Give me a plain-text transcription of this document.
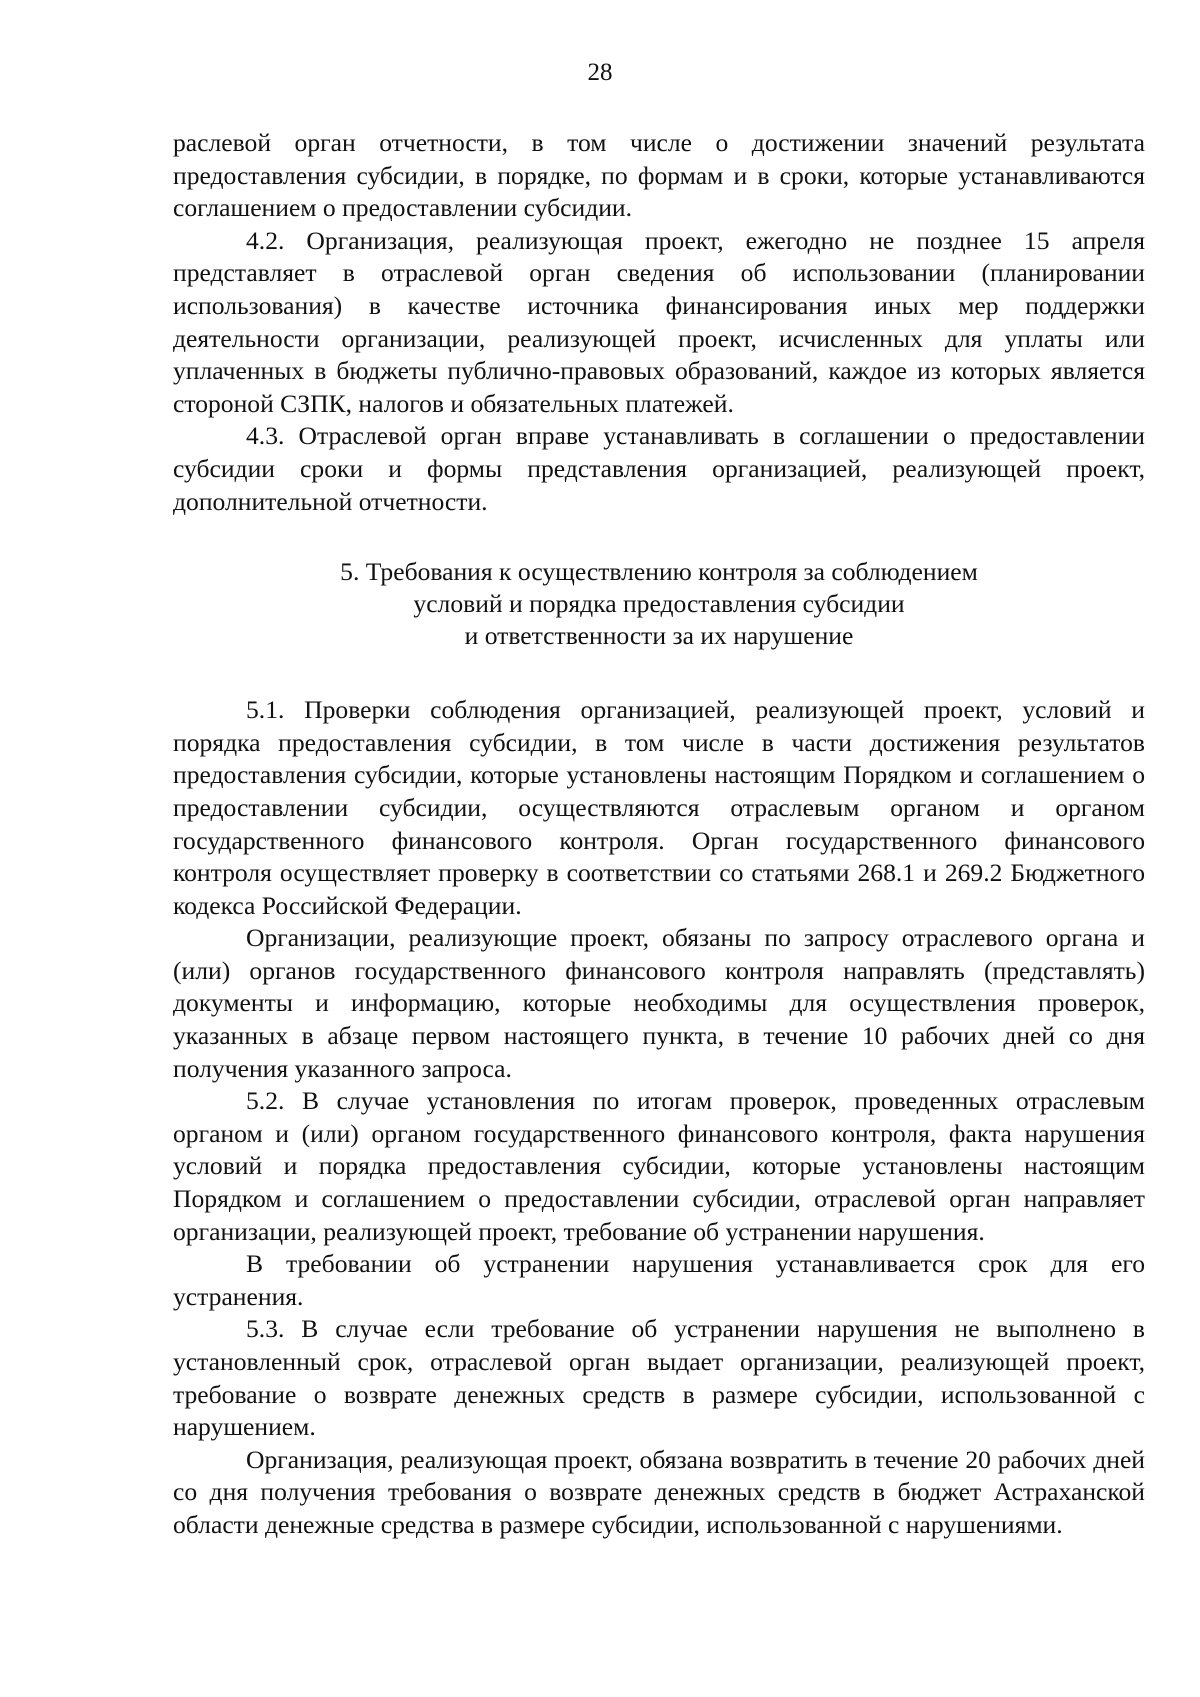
28

раслевой орган отчетности, в том числе о достижении значений результата предоставления субсидии, в порядке, по формам и в сроки, которые устанавливаются соглашением о предоставлении субсидии.

4.2. Организация, реализующая проект, ежегодно не позднее 15 апреля представляет в отраслевой орган сведения об использовании (планировании использования) в качестве источника финансирования иных мер поддержки деятельности организации, реализующей проект, исчисленных для уплаты или уплаченных в бюджеты публично-правовых образований, каждое из которых является стороной СЗПК, налогов и обязательных платежей.

4.3. Отраслевой орган вправе устанавливать в соглашении о предоставлении субсидии сроки и формы представления организацией, реализующей проект, дополнительной отчетности.

5. Требования к осуществлению контроля за соблюдением
условий и порядка предоставления субсидии
и ответственности за их нарушение

5.1. Проверки соблюдения организацией, реализующей проект, условий и порядка предоставления субсидии, в том числе в части достижения результатов предоставления субсидии, которые установлены настоящим Порядком и соглашением о предоставлении субсидии, осуществляются отраслевым органом и органом государственного финансового контроля. Орган государственного финансового контроля осуществляет проверку в соответствии со статьями 268.1 и 269.2 Бюджетного кодекса Российской Федерации.

Организации, реализующие проект, обязаны по запросу отраслевого органа и (или) органов государственного финансового контроля направлять (представлять) документы и информацию, которые необходимы для осуществления проверок, указанных в абзаце первом настоящего пункта, в течение 10 рабочих дней со дня получения указанного запроса.

5.2. В случае установления по итогам проверок, проведенных отраслевым органом и (или) органом государственного финансового контроля, факта нарушения условий и порядка предоставления субсидии, которые установлены настоящим Порядком и соглашением о предоставлении субсидии, отраслевой орган направляет организации, реализующей проект, требование об устранении нарушения.

В требовании об устранении нарушения устанавливается срок для его устранения.

5.3. В случае если требование об устранении нарушения не выполнено в установленный срок, отраслевой орган выдает организации, реализующей проект, требование о возврате денежных средств в размере субсидии, использованной с нарушением.

Организация, реализующая проект, обязана возвратить в течение 20 рабочих дней со дня получения требования о возврате денежных средств в бюджет Астраханской области денежные средства в размере субсидии, использованной с нарушениями.
